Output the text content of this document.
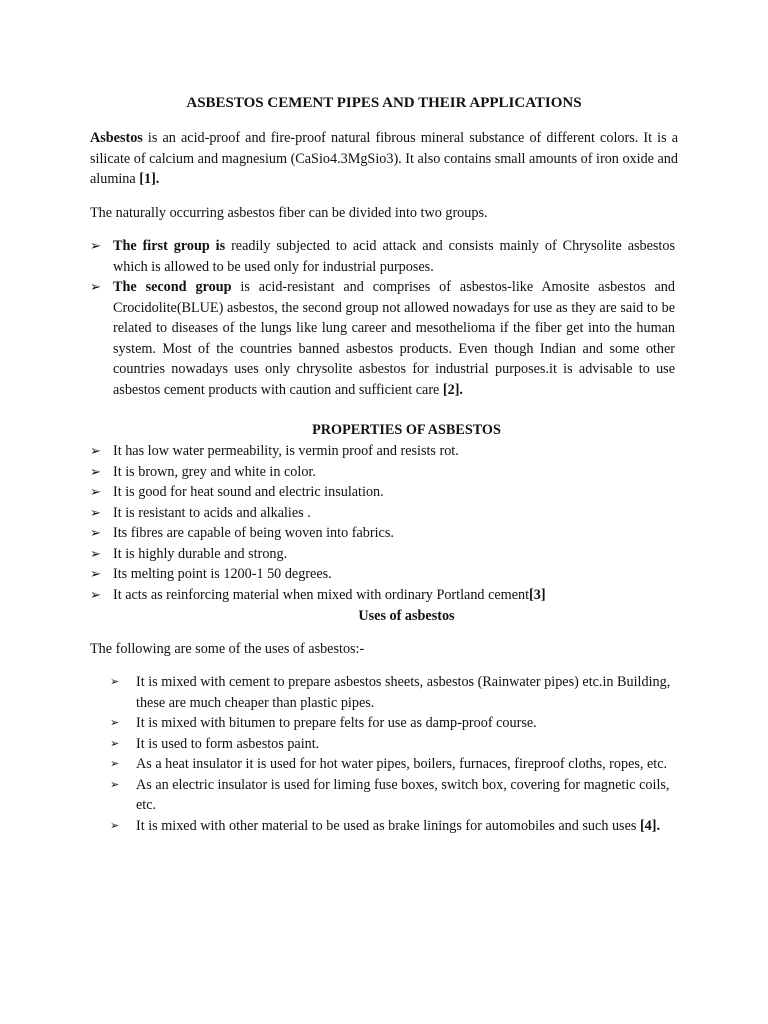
ASBESTOS CEMENT PIPES AND THEIR APPLICATIONS

Asbestos is an acid-proof and fire-proof natural fibrous mineral substance of different colors. It is a silicate of calcium and magnesium (CaSio4.3MgSio3). It also contains small amounts of iron oxide and alumina [1].

The naturally occurring asbestos fiber can be divided into two groups.

➢ The first group is readily subjected to acid attack and consists mainly of Chrysolite asbestos which is allowed to be used only for industrial purposes.
➢ The second group is acid-resistant and comprises of asbestos-like Amosite asbestos and Crocidolite(BLUE) asbestos, the second group not allowed nowadays for use as they are said to be related to diseases of the lungs like lung career and mesothelioma if the fiber get into the human system. Most of the countries banned asbestos products. Even though Indian and some other countries nowadays uses only chrysolite asbestos for industrial purposes.it is advisable to use asbestos cement products with caution and sufficient care [2].
PROPERTIES OF ASBESTOS
➢ It has low water permeability, is vermin proof and resists rot.
➢ It is brown, grey and white in color.
➢ It is good for heat sound and electric insulation.
➢ It is resistant to acids and alkalies .
➢ Its fibres are capable of being woven into fabrics.
➢ It is highly durable and strong.
➢ Its melting point is 1200-1 50 degrees.
➢ It acts as reinforcing material when mixed with ordinary Portland cement[3]
Uses of asbestos

The following are some of the uses of asbestos:-

➢ It is mixed with cement to prepare asbestos sheets, asbestos (Rainwater pipes) etc.in Building, these are much cheaper than plastic pipes.
➢ It is mixed with bitumen to prepare felts for use as damp-proof course.
➢ It is used to form asbestos paint.
➢ As a heat insulator it is used for hot water pipes, boilers, furnaces, fireproof cloths, ropes, etc.
➢ As an electric insulator is used for liming fuse boxes, switch box, covering for magnetic coils, etc.
➢ It is mixed with other material to be used as brake linings for automobiles and such uses [4].
